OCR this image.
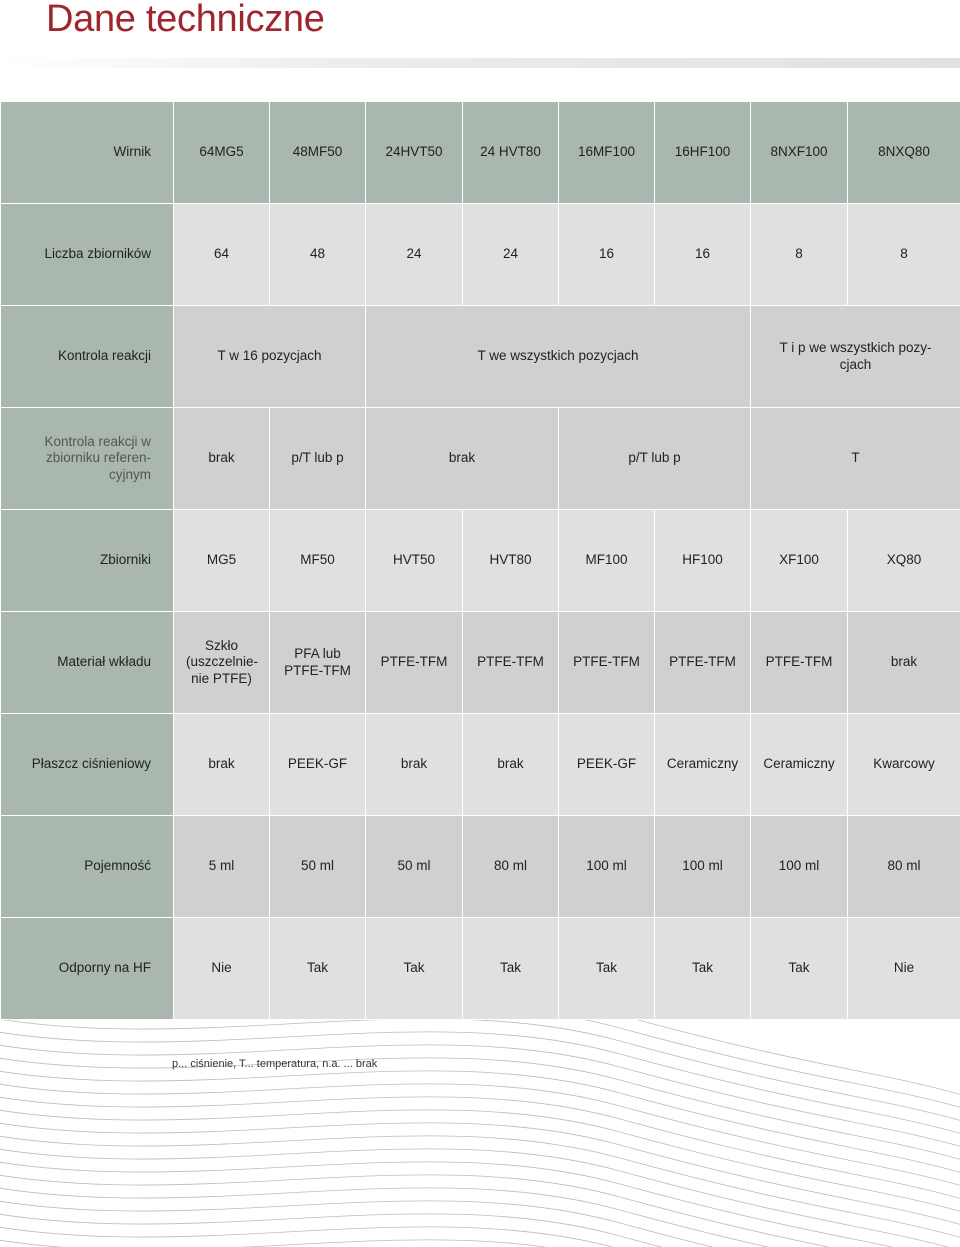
Dane techniczne
Wirnik	64MG5	48MF50	24HVT50	24 HVT80	16MF100	16HF100	8NXF100	8NXQ80
Liczba zbiorników	64	48	24	24	16	16	8	8
Kontrola reakcji	T w 16 pozycjach		T we wszystkich pozycjach				T i p we wszystkich pozy-cjach	
Kontrola reakcji w zbiorniku referen-cyjnym	brak	p/T lub p	brak		p/T lub p		T	
Zbiorniki	MG5	MF50	HVT50	HVT80	MF100	HF100	XF100	XQ80
Materiał wkładu	Szkło (uszczelnie-nie PTFE)	PFA lub PTFE-TFM	PTFE-TFM	PTFE-TFM	PTFE-TFM	PTFE-TFM	PTFE-TFM	brak
Płaszcz ciśnieniowy	brak	PEEK-GF	brak	brak	PEEK-GF	Ceramiczny	Ceramiczny	Kwarcowy
Pojemność	5 ml	50 ml	50 ml	80 ml	100 ml	100 ml	100 ml	80 ml
Odporny na HF	Nie	Tak	Tak	Tak	Tak	Tak	Tak	Nie
p... ciśnienie, T... temperatura, n.a. ... brak
